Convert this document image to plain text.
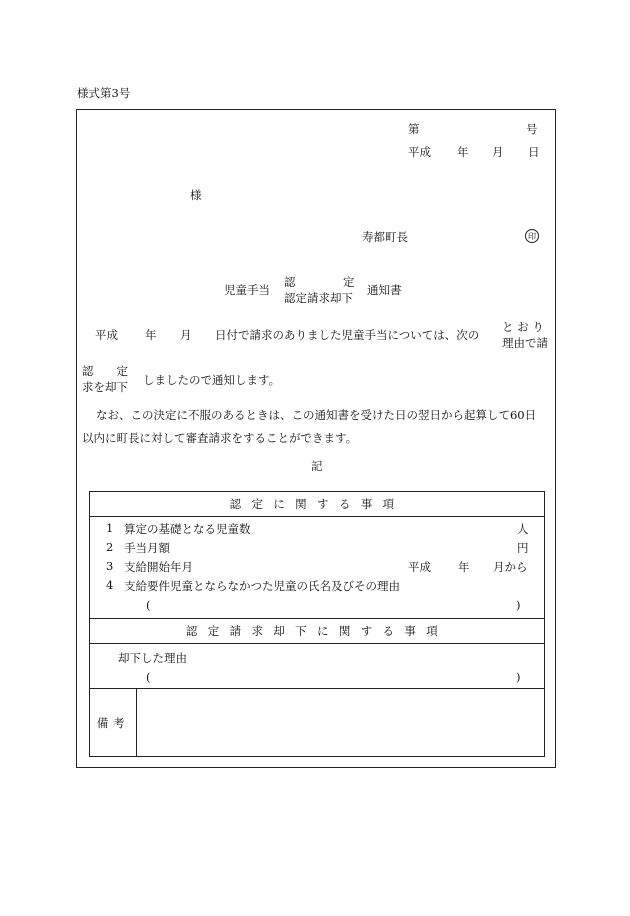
様式第3号
第	号
平成 年 月 日
様
寿都町長	印
児童手当
認	定
認定請求却下
通知書
平成 年 月 日付で請求のありました児童手当については、次の
と お り
理由で請
認　　定
求を却下 しましたので通知します。
なお、この決定に不服のあるときは、この通知書を受けた日の翌日から起算して60日
以内に町長に対して審査請求をすることができます。
記
認定に関する事項

1 算定の基礎となる児童数	人
2 手当月額	円
3 支給開始年月	平成 年 月から
4 支給要件児童とならなかつた児童の氏名及びその理由
(	)

認定請求却下に関する事項

却下した理由
(	)

備考	
